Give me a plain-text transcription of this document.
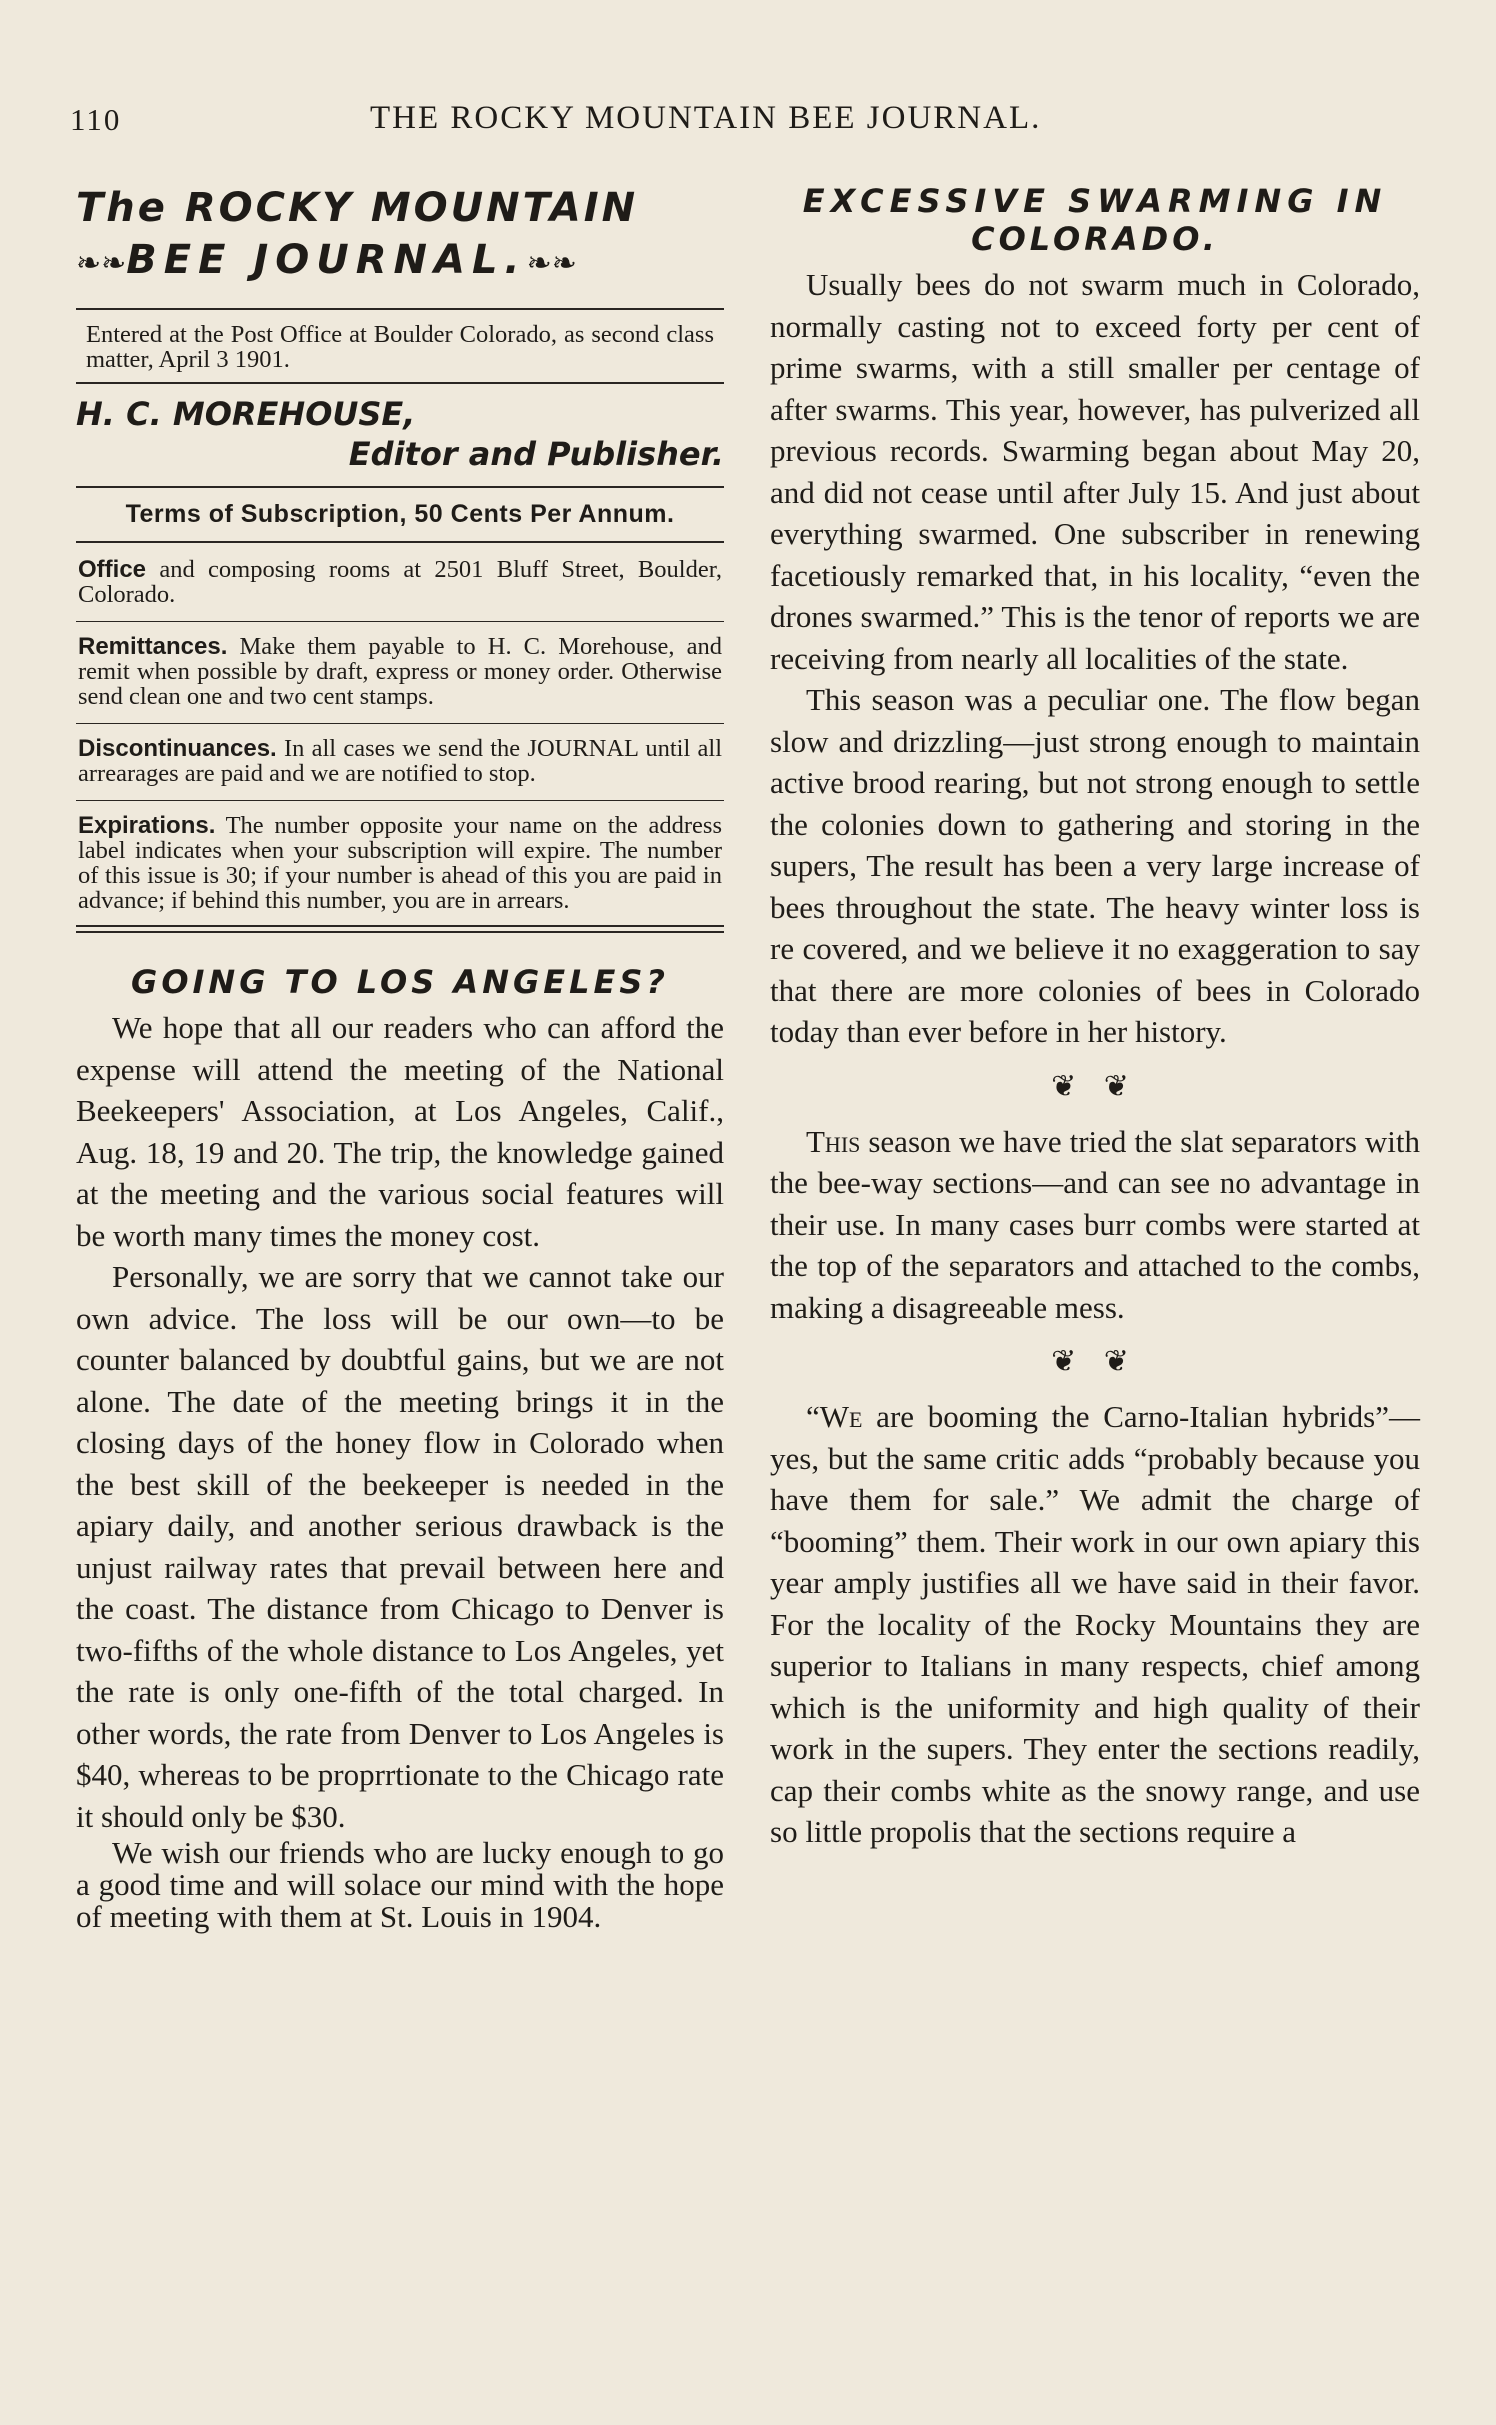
110	THE ROCKY MOUNTAIN BEE JOURNAL.
The ROCKY MOUNTAIN
❧❧BEE JOURNAL.❧❧
Entered at the Post Office at Boulder Colorado, as second class matter, April 3 1901.
H. C. MOREHOUSE,
Editor and Publisher.
Terms of Subscription, 50 Cents Per Annum.
Office and composing rooms at 2501 Bluff Street, Boulder, Colorado.
Remittances. Make them payable to H. C. Morehouse, and remit when possible by draft, express or money order. Otherwise send clean one and two cent stamps.
Discontinuances. In all cases we send the JOURNAL until all arrearages are paid and we are notified to stop.
Expirations. The number opposite your name on the address label indicates when your subscription will expire. The number of this issue is 30; if your number is ahead of this you are paid in advance; if behind this number, you are in arrears.
GOING TO LOS ANGELES?

We hope that all our readers who can afford the expense will attend the meeting of the National Beekeepers' Association, at Los Angeles, Calif., Aug. 18, 19 and 20. The trip, the knowledge gained at the meeting and the various social features will be worth many times the money cost.

Personally, we are sorry that we cannot take our own advice. The loss will be our own—to be counter balanced by doubtful gains, but we are not alone. The date of the meeting brings it in the closing days of the honey flow in Colorado when the best skill of the beekeeper is needed in the apiary daily, and another serious drawback is the unjust railway rates that prevail between here and the coast. The distance from Chicago to Denver is two-fifths of the whole distance to Los Angeles, yet the rate is only one-fifth of the total charged. In other words, the rate from Denver to Los Angeles is $40, whereas to be proprrtionate to the Chicago rate it should only be $30.

We wish our friends who are lucky enough to go a good time and will solace our mind with the hope of meeting with them at St. Louis in 1904.

EXCESSIVE SWARMING IN
COLORADO.

Usually bees do not swarm much in Colorado, normally casting not to exceed forty per cent of prime swarms, with a still smaller per centage of after swarms. This year, however, has pulverized all previous records. Swarming began about May 20, and did not cease until after July 15. And just about everything swarmed. One subscriber in renewing facetiously remarked that, in his locality, “even the drones swarmed.” This is the tenor of reports we are receiving from nearly all localities of the state.

This season was a peculiar one. The flow began slow and drizzling—just strong enough to maintain active brood rearing, but not strong enough to settle the colonies down to gathering and storing in the supers, The result has been a very large increase of bees throughout the state. The heavy winter loss is re covered, and we believe it no exaggeration to say that there are more colonies of bees in Colorado today than ever before in her history.

❦ ❦

This season we have tried the slat separators with the bee-way sections—and can see no advantage in their use. In many cases burr combs were started at the top of the separators and attached to the combs, making a disagreeable mess.

❦ ❦

“We are booming the Carno-Italian hybrids”—yes, but the same critic adds “probably because you have them for sale.” We admit the charge of “booming” them. Their work in our own apiary this year amply justifies all we have said in their favor. For the locality of the Rocky Mountains they are superior to Italians in many respects, chief among which is the uniformity and high quality of their work in the supers. They enter the sections readily, cap their combs white as the snowy range, and use so little propolis that the sections require a
